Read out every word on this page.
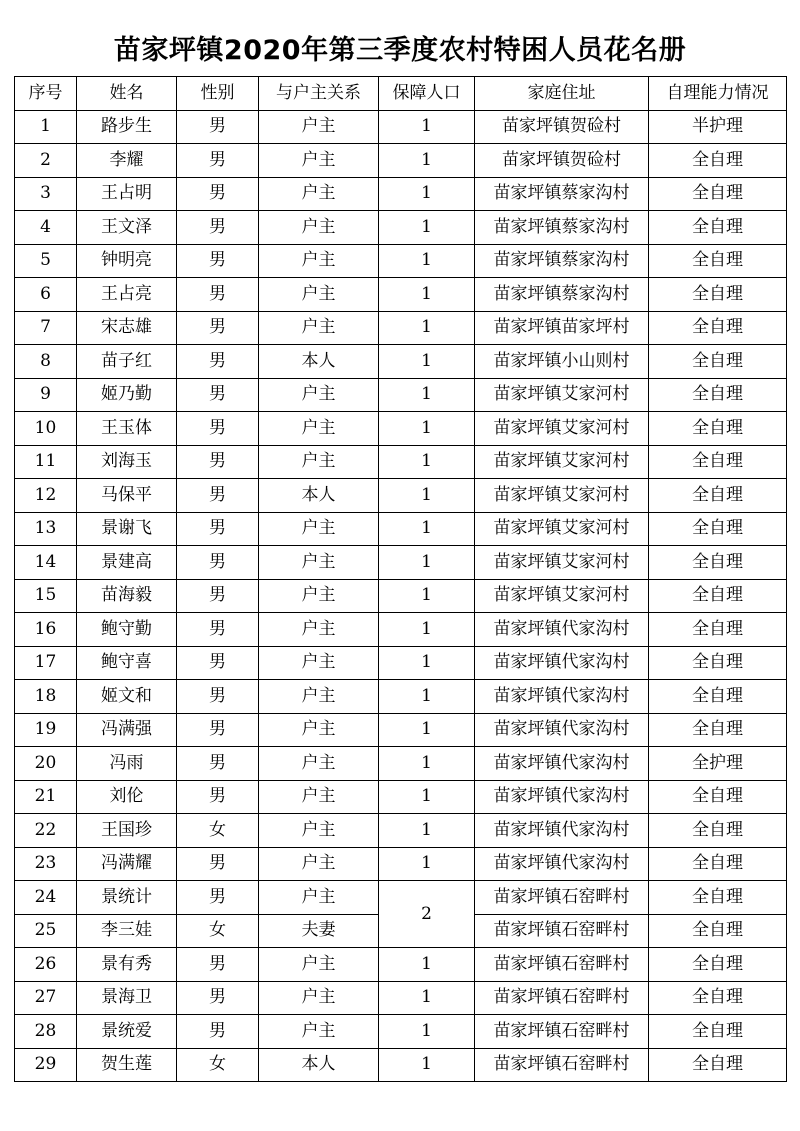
苗家坪镇2020年第三季度农村特困人员花名册
序号	姓名	性别	与户主关系	保障人口	家庭住址	自理能力情况
1	路步生	男	户主	1	苗家坪镇贺硷村	半护理
2	李耀	男	户主	1	苗家坪镇贺硷村	全自理
3	王占明	男	户主	1	苗家坪镇蔡家沟村	全自理
4	王文泽	男	户主	1	苗家坪镇蔡家沟村	全自理
5	钟明亮	男	户主	1	苗家坪镇蔡家沟村	全自理
6	王占亮	男	户主	1	苗家坪镇蔡家沟村	全自理
7	宋志雄	男	户主	1	苗家坪镇苗家坪村	全自理
8	苗子红	男	本人	1	苗家坪镇小山则村	全自理
9	姬乃勤	男	户主	1	苗家坪镇艾家河村	全自理
10	王玉体	男	户主	1	苗家坪镇艾家河村	全自理
11	刘海玉	男	户主	1	苗家坪镇艾家河村	全自理
12	马保平	男	本人	1	苗家坪镇艾家河村	全自理
13	景谢飞	男	户主	1	苗家坪镇艾家河村	全自理
14	景建高	男	户主	1	苗家坪镇艾家河村	全自理
15	苗海毅	男	户主	1	苗家坪镇艾家河村	全自理
16	鲍守勤	男	户主	1	苗家坪镇代家沟村	全自理
17	鲍守喜	男	户主	1	苗家坪镇代家沟村	全自理
18	姬文和	男	户主	1	苗家坪镇代家沟村	全自理
19	冯满强	男	户主	1	苗家坪镇代家沟村	全自理
20	冯雨	男	户主	1	苗家坪镇代家沟村	全护理
21	刘伦	男	户主	1	苗家坪镇代家沟村	全自理
22	王国珍	女	户主	1	苗家坪镇代家沟村	全自理
23	冯满耀	男	户主	1	苗家坪镇代家沟村	全自理
24	景统计	男	户主	2	苗家坪镇石窑畔村	全自理
25	李三娃	女	夫妻		苗家坪镇石窑畔村	全自理
26	景有秀	男	户主	1	苗家坪镇石窑畔村	全自理
27	景海卫	男	户主	1	苗家坪镇石窑畔村	全自理
28	景统爱	男	户主	1	苗家坪镇石窑畔村	全自理
29	贺生莲	女	本人	1	苗家坪镇石窑畔村	全自理
